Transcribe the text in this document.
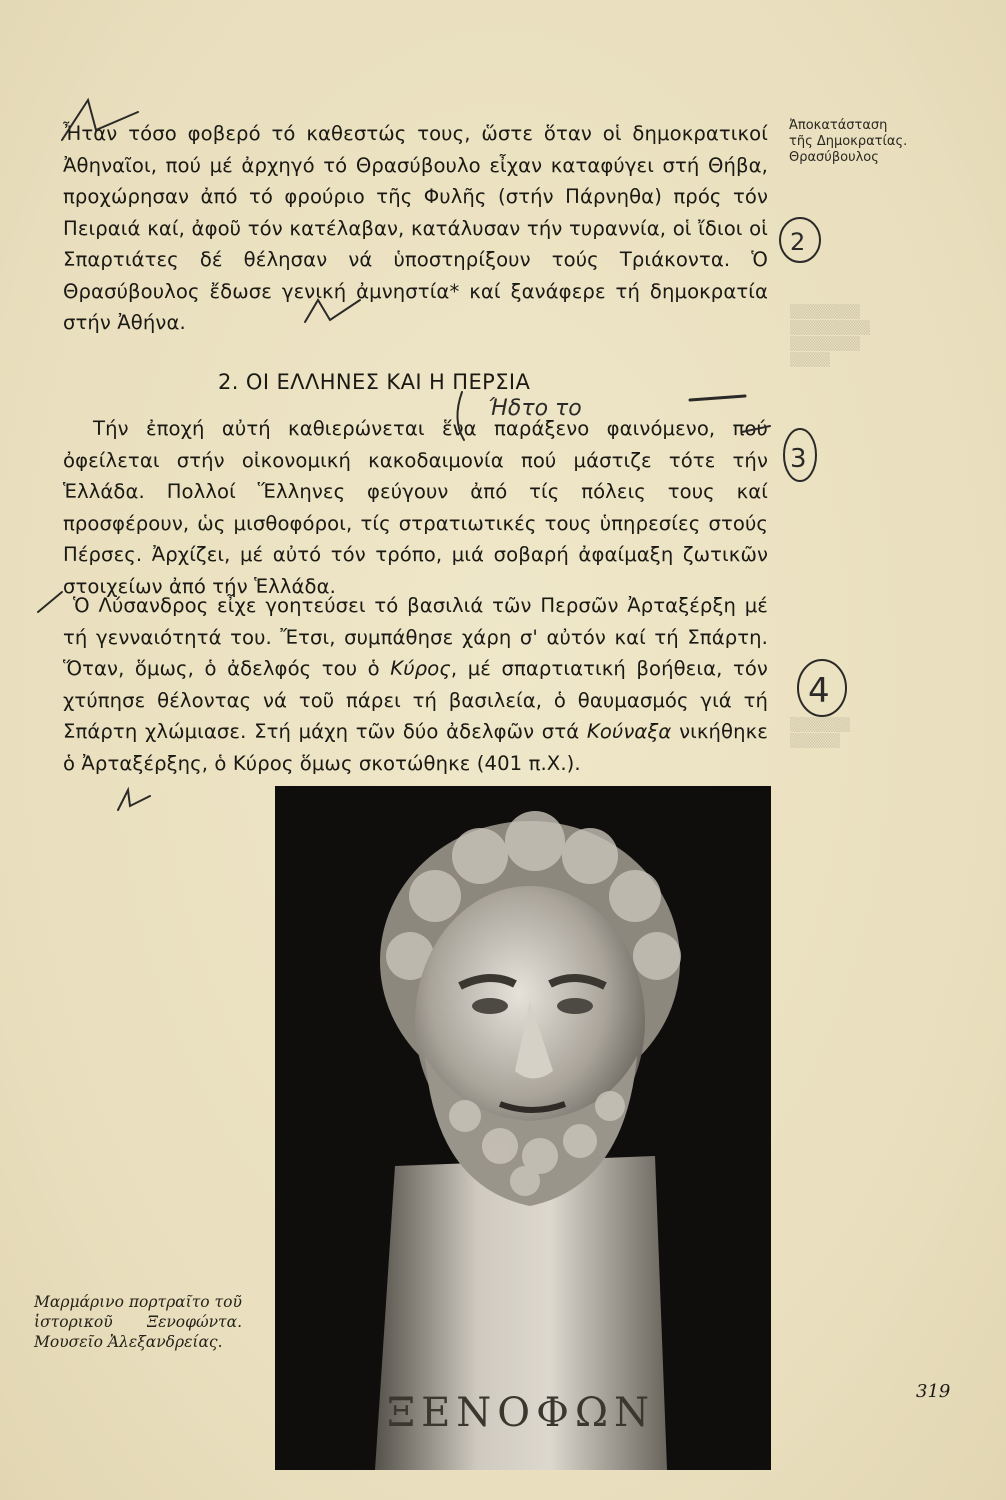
▒▒▒▒▒▒▒
▒▒▒▒▒▒▒▒
▒▒▒▒▒▒▒
▒▒▒▒
▒▒▒▒▒▒
▒▒▒▒▒
Ἀποκατάσταση
τῆς Δημοκρατίας.
Θρασύβουλος

Ἦταν τόσο φοβερό τό καθεστώς τους, ὥστε ὅταν οἱ δημοκρατικοί Ἀθηναῖοι, πού μέ ἀρχηγό τό Θρασύβουλο εἶχαν καταφύγει στή Θήβα, προχώρησαν ἀπό τό φρούριο τῆς Φυλῆς (στήν Πάρνηθα) πρός τόν Πειραιά καί, ἀφοῦ τόν κατέλαβαν, κατάλυσαν τήν τυραννία, οἱ ἴδιοι οἱ Σπαρτιάτες δέ θέλησαν νά ὑποστηρίξουν τούς Τριάκοντα. Ὁ Θρασύβουλος ἔδωσε γενική ἀμνηστία* καί ξανάφερε τή δημοκρατία στήν Ἀθήνα.

2. ΟΙ ΕΛΛΗΝΕΣ ΚΑΙ Η ΠΕΡΣΙΑ

Τήν ἐποχή αὐτή καθιερώνεται ἕνα παράξενο φαινόμενο, πού ὀφείλεται στήν οἰκονομική κακοδαιμονία πού μάστιζε τότε τήν Ἑλλάδα. Πολλοί Ἕλληνες φεύγουν ἀπό τίς πόλεις τους καί προσφέρουν, ὡς μισθοφόροι, τίς στρατιωτικές τους ὑπηρεσίες στούς Πέρσες. Ἀρχίζει, μέ αὐτό τόν τρόπο, μιά σοβαρή ἀφαίμαξη ζωτικῶν στοιχείων ἀπό τήν Ἑλλάδα.

Ὁ Λύσανδρος εἶχε γοητεύσει τό βασιλιά τῶν Περσῶν Ἀρταξέρξη μέ τή γενναιότητά του. Ἔτσι, συμπάθησε χάρη σ' αὐτόν καί τή Σπάρτη. Ὅταν, ὅμως, ὁ ἀδελφός του ὁ Κύρος, μέ σπαρτιατική βοήθεια, τόν χτύπησε θέλοντας νά τοῦ πάρει τή βασιλεία, ὁ θαυμασμός γιά τή Σπάρτη χλώμιασε. Στή μάχη τῶν δύο ἀδελφῶν στά Κούναξα νικήθηκε ὁ Ἀρταξέρξης, ὁ Κύρος ὅμως σκοτώθηκε (401 π.Χ.).

ΞΕΝΟΦΩΝ
Μαρμάρινο πορτραῖτο τοῦ
ἱστορικοῦ       Ξενοφώντα.
Μουσεῖο Ἀλεξανδρείας.
319
Ήδτο το
2
3
4
